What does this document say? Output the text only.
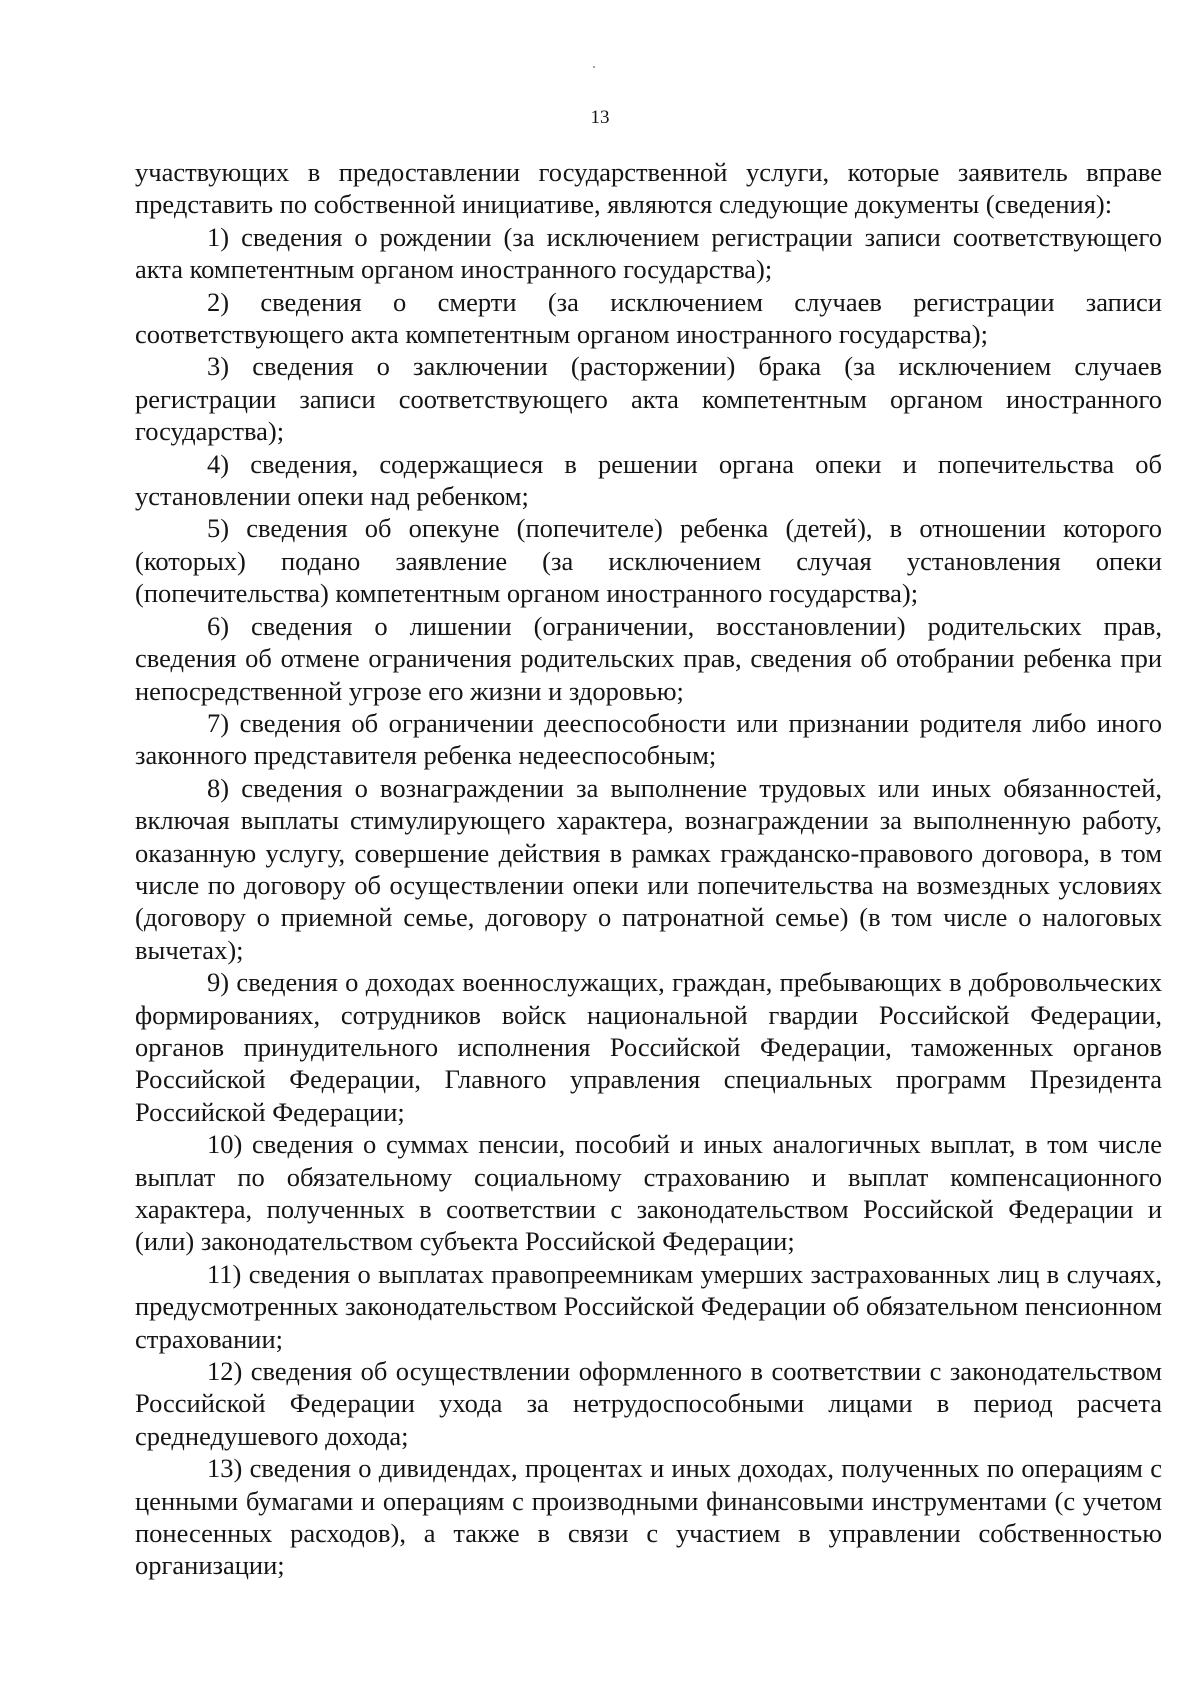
13

участвующих в предоставлении государственной услуги, которые заявитель вправе представить по собственной инициативе, являются следующие документы (сведения):

1) сведения о рождении (за исключением регистрации записи соответствующего акта компетентным органом иностранного государства);

2) сведения о смерти (за исключением случаев регистрации записи соответствующего акта компетентным органом иностранного государства);

3) сведения о заключении (расторжении) брака (за исключением случаев регистрации записи соответствующего акта компетентным органом иностранного государства);

4) сведения, содержащиеся в решении органа опеки и попечительства об установлении опеки над ребенком;

5) сведения об опекуне (попечителе) ребенка (детей), в отношении которого (которых) подано заявление (за исключением случая установления опеки (попечительства) компетентным органом иностранного государства);

6) сведения о лишении (ограничении, восстановлении) родительских прав, сведения об отмене ограничения родительских прав, сведения об отобрании ребенка при непосредственной угрозе его жизни и здоровью;

7) сведения об ограничении дееспособности или признании родителя либо иного законного представителя ребенка недееспособным;

8) сведения о вознаграждении за выполнение трудовых или иных обязанностей, включая выплаты стимулирующего характера, вознаграждении за выполненную работу, оказанную услугу, совершение действия в рамках гражданско-правового договора, в том числе по договору об осуществлении опеки или попечительства на возмездных условиях (договору о приемной семье, договору о патронатной семье) (в том числе о налоговых вычетах);

9) сведения о доходах военнослужащих, граждан, пребывающих в добровольческих формированиях, сотрудников войск национальной гвардии Российской Федерации, органов принудительного исполнения Российской Федерации, таможенных органов Российской Федерации, Главного управления специальных программ Президента Российской Федерации;

10) сведения о суммах пенсии, пособий и иных аналогичных выплат, в том числе выплат по обязательному социальному страхованию и выплат компенсационного характера, полученных в соответствии с законодательством Российской Федерации и (или) законодательством субъекта Российской Федерации;

11) сведения о выплатах правопреемникам умерших застрахованных лиц в случаях, предусмотренных законодательством Российской Федерации об обязательном пенсионном страховании;

12) сведения об осуществлении оформленного в соответствии с законодательством Российской Федерации ухода за нетрудоспособными лицами в период расчета среднедушевого дохода;

13) сведения о дивидендах, процентах и иных доходах, полученных по операциям с ценными бумагами и операциям с производными финансовыми инструментами (с учетом понесенных расходов), а также в связи с участием в управлении собственностью организации;
